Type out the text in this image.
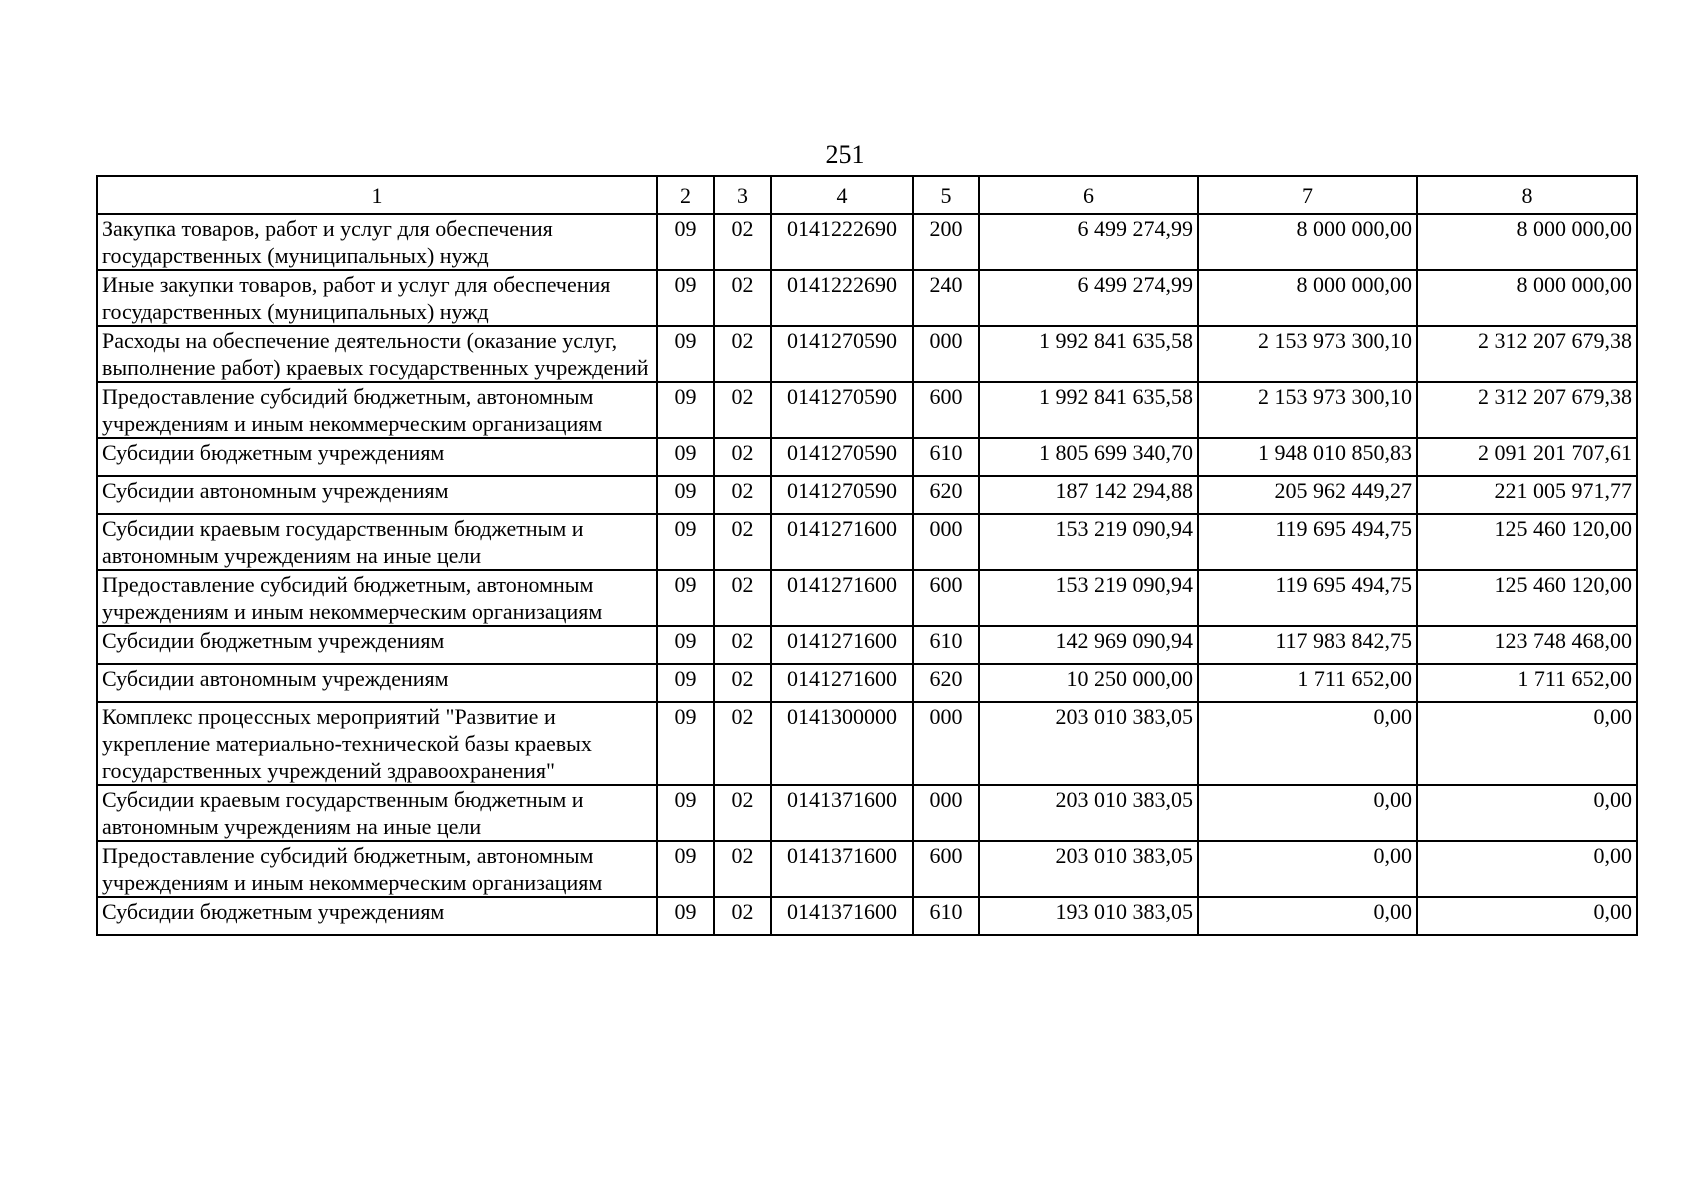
251
1	2	3	4	5	6	7	8
Закупка товаров, работ и услуг для обеспечения государственных (муниципальных) нужд	09	02	0141222690	200	6 499 274,99	8 000 000,00	8 000 000,00
Иные закупки товаров, работ и услуг для обеспечения государственных (муниципальных) нужд	09	02	0141222690	240	6 499 274,99	8 000 000,00	8 000 000,00
Расходы на обеспечение деятельности (оказание услуг, выполнение работ) краевых государственных учреждений	09	02	0141270590	000	1 992 841 635,58	2 153 973 300,10	2 312 207 679,38
Предоставление субсидий бюджетным, автономным учреждениям и иным некоммерческим организациям	09	02	0141270590	600	1 992 841 635,58	2 153 973 300,10	2 312 207 679,38
Субсидии бюджетным учреждениям	09	02	0141270590	610	1 805 699 340,70	1 948 010 850,83	2 091 201 707,61
Субсидии автономным учреждениям	09	02	0141270590	620	187 142 294,88	205 962 449,27	221 005 971,77
Субсидии краевым государственным бюджетным и автономным учреждениям на иные цели	09	02	0141271600	000	153 219 090,94	119 695 494,75	125 460 120,00
Предоставление субсидий бюджетным, автономным учреждениям и иным некоммерческим организациям	09	02	0141271600	600	153 219 090,94	119 695 494,75	125 460 120,00
Субсидии бюджетным учреждениям	09	02	0141271600	610	142 969 090,94	117 983 842,75	123 748 468,00
Субсидии автономным учреждениям	09	02	0141271600	620	10 250 000,00	1 711 652,00	1 711 652,00
Комплекс процессных мероприятий "Развитие и укрепление материально-технической базы краевых государственных учреждений здравоохранения"	09	02	0141300000	000	203 010 383,05	0,00	0,00
Субсидии краевым государственным бюджетным и автономным учреждениям на иные цели	09	02	0141371600	000	203 010 383,05	0,00	0,00
Предоставление субсидий бюджетным, автономным учреждениям и иным некоммерческим организациям	09	02	0141371600	600	203 010 383,05	0,00	0,00
Субсидии бюджетным учреждениям	09	02	0141371600	610	193 010 383,05	0,00	0,00
